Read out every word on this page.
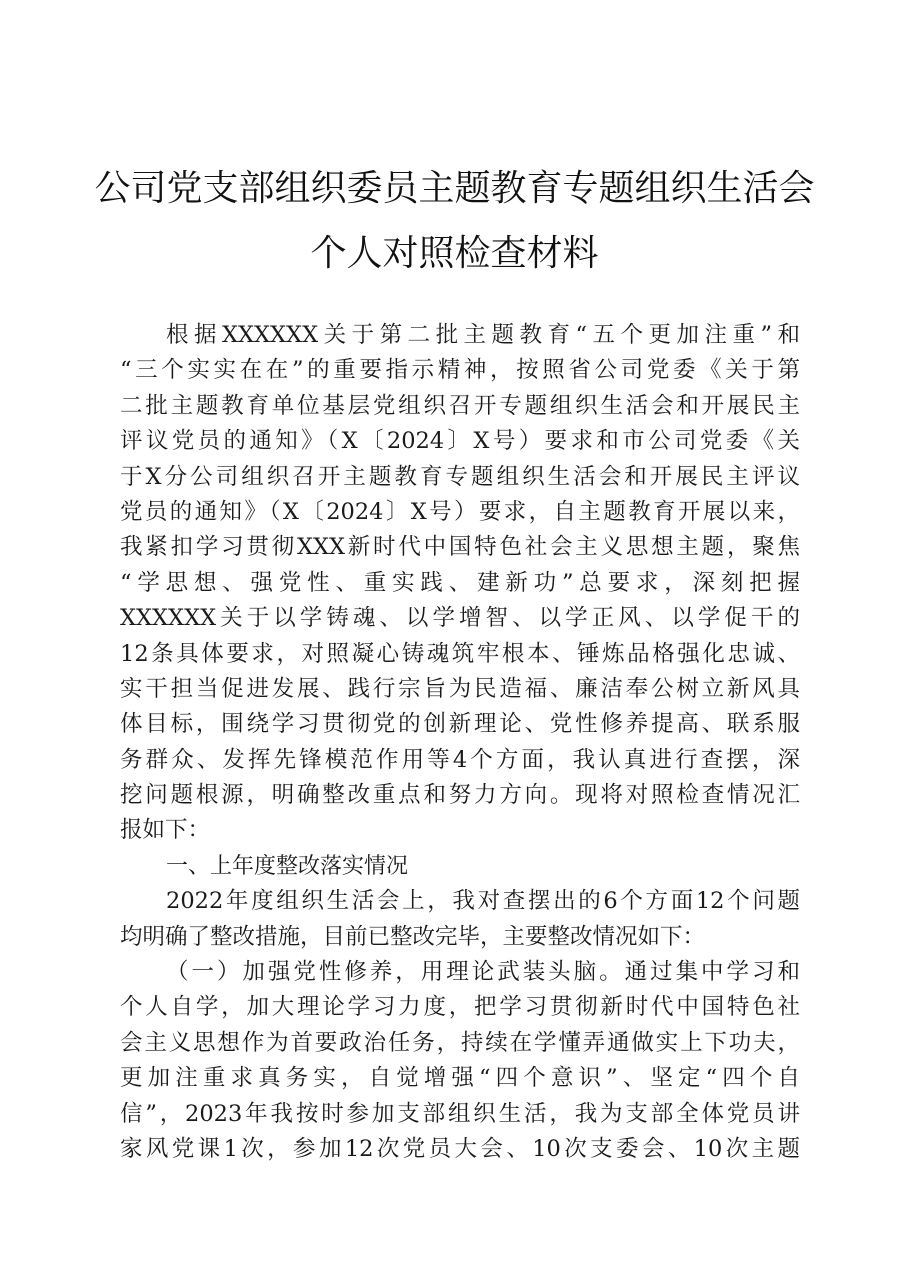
公司党支部组织委员主题教育专题组织生活会
个人对照检查材料
根据XXXXXX关于第二批主题教育“五个更加注重”和
“三个实实在在”的重要指示精神，按照省公司党委《关于第
二批主题教育单位基层党组织召开专题组织生活会和开展民主
评议党员的通知》（X〔2024〕X号）要求和市公司党委《关
于X分公司组织召开主题教育专题组织生活会和开展民主评议
党员的通知》（X〔2024〕X号）要求，自主题教育开展以来，
我紧扣学习贯彻XXX新时代中国特色社会主义思想主题，聚焦
“学思想、强党性、重实践、建新功”总要求，深刻把握
XXXXXX关于以学铸魂、以学增智、以学正风、以学促干的
12条具体要求，对照凝心铸魂筑牢根本、锤炼品格强化忠诚、
实干担当促进发展、践行宗旨为民造福、廉洁奉公树立新风具
体目标，围绕学习贯彻党的创新理论、党性修养提高、联系服
务群众、发挥先锋模范作用等4个方面，我认真进行查摆，深
挖问题根源，明确整改重点和努力方向。现将对照检查情况汇
报如下：
一、上年度整改落实情况
2022年度组织生活会上，我对查摆出的6个方面12个问题
均明确了整改措施，目前已整改完毕，主要整改情况如下：
（一）加强党性修养，用理论武装头脑。通过集中学习和
个人自学，加大理论学习力度，把学习贯彻新时代中国特色社
会主义思想作为首要政治任务，持续在学懂弄通做实上下功夫，
更加注重求真务实，自觉增强“四个意识”、坚定“四个自
信”，2023年我按时参加支部组织生活，我为支部全体党员讲
家风党课1次，参加12次党员大会、10次支委会、10次主题
